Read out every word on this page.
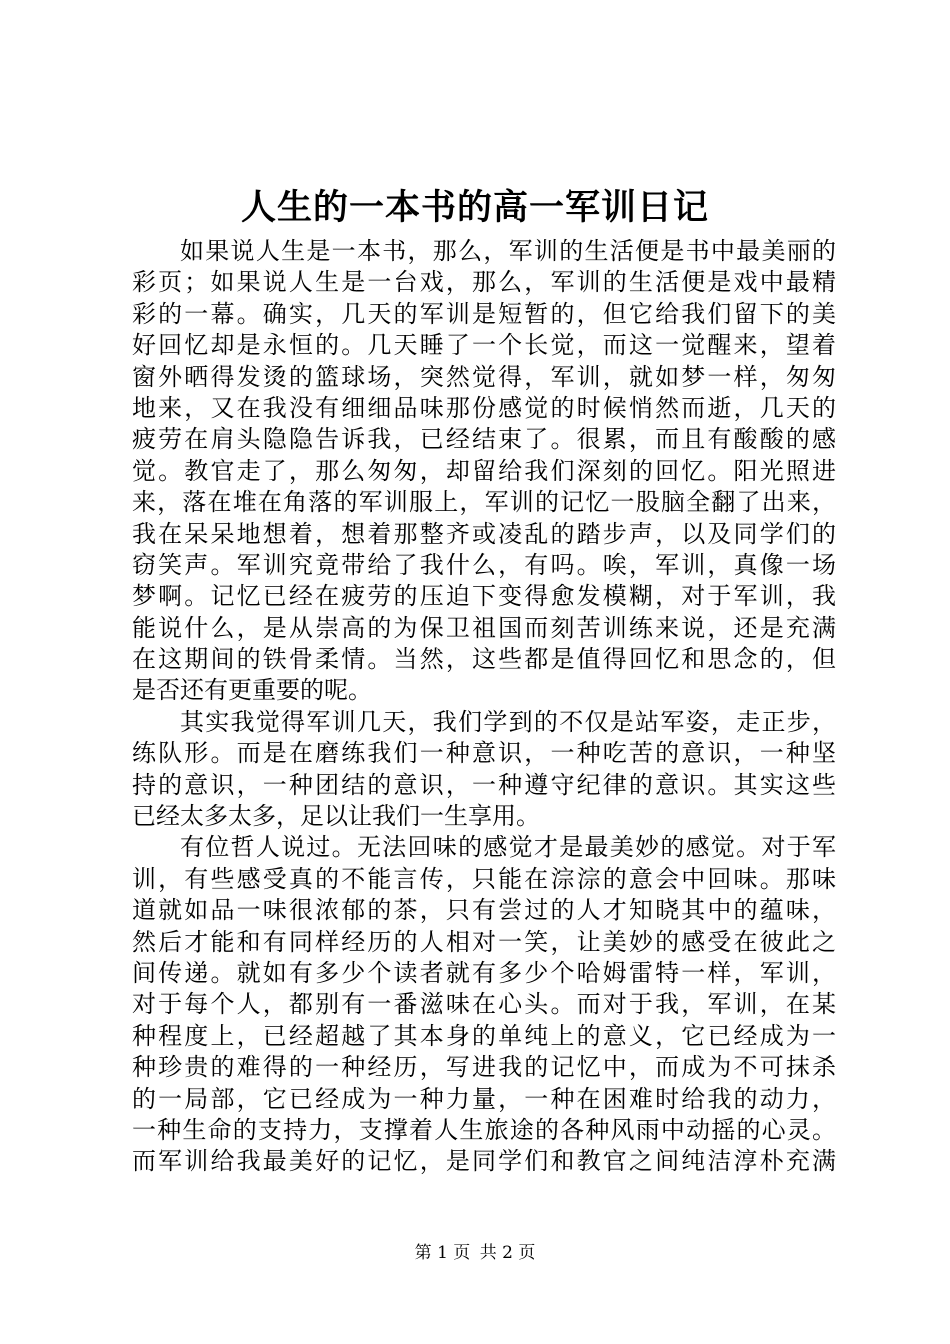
人生的一本书的高一军训日记
如果说人生是一本书，那么，军训的生活便是书中最美丽的
彩页；如果说人生是一台戏，那么，军训的生活便是戏中最精
彩的一幕。确实，几天的军训是短暂的，但它给我们留下的美
好回忆却是永恒的。几天睡了一个长觉，而这一觉醒来，望着
窗外晒得发烫的篮球场，突然觉得，军训，就如梦一样，匆匆
地来，又在我没有细细品味那份感觉的时候悄然而逝，几天的
疲劳在肩头隐隐告诉我，已经结束了。很累，而且有酸酸的感
觉。教官走了，那么匆匆，却留给我们深刻的回忆。阳光照进
来，落在堆在角落的军训服上，军训的记忆一股脑全翻了出来，
我在呆呆地想着，想着那整齐或凌乱的踏步声，以及同学们的
窃笑声。军训究竟带给了我什么，有吗。唉，军训，真像一场
梦啊。记忆已经在疲劳的压迫下变得愈发模糊，对于军训，我
能说什么，是从崇高的为保卫祖国而刻苦训练来说，还是充满
在这期间的铁骨柔情。当然，这些都是值得回忆和思念的，但
是否还有更重要的呢。
其实我觉得军训几天，我们学到的不仅是站军姿，走正步，
练队形。而是在磨练我们一种意识，一种吃苦的意识，一种坚
持的意识，一种团结的意识，一种遵守纪律的意识。其实这些
已经太多太多，足以让我们一生享用。
有位哲人说过。无法回味的感觉才是最美妙的感觉。对于军
训，有些感受真的不能言传，只能在淙淙的意会中回味。那味
道就如品一味很浓郁的茶，只有尝过的人才知晓其中的蕴味，
然后才能和有同样经历的人相对一笑，让美妙的感受在彼此之
间传递。就如有多少个读者就有多少个哈姆雷特一样，军训，
对于每个人，都别有一番滋味在心头。而对于我，军训，在某
种程度上，已经超越了其本身的单纯上的意义，它已经成为一
种珍贵的难得的一种经历，写进我的记忆中，而成为不可抹杀
的一局部，它已经成为一种力量，一种在困难时给我的动力，
一种生命的支持力，支撑着人生旅途的各种风雨中动摇的心灵。
而军训给我最美好的记忆，是同学们和教官之间纯洁淳朴充满
第 1 页 共 2 页
